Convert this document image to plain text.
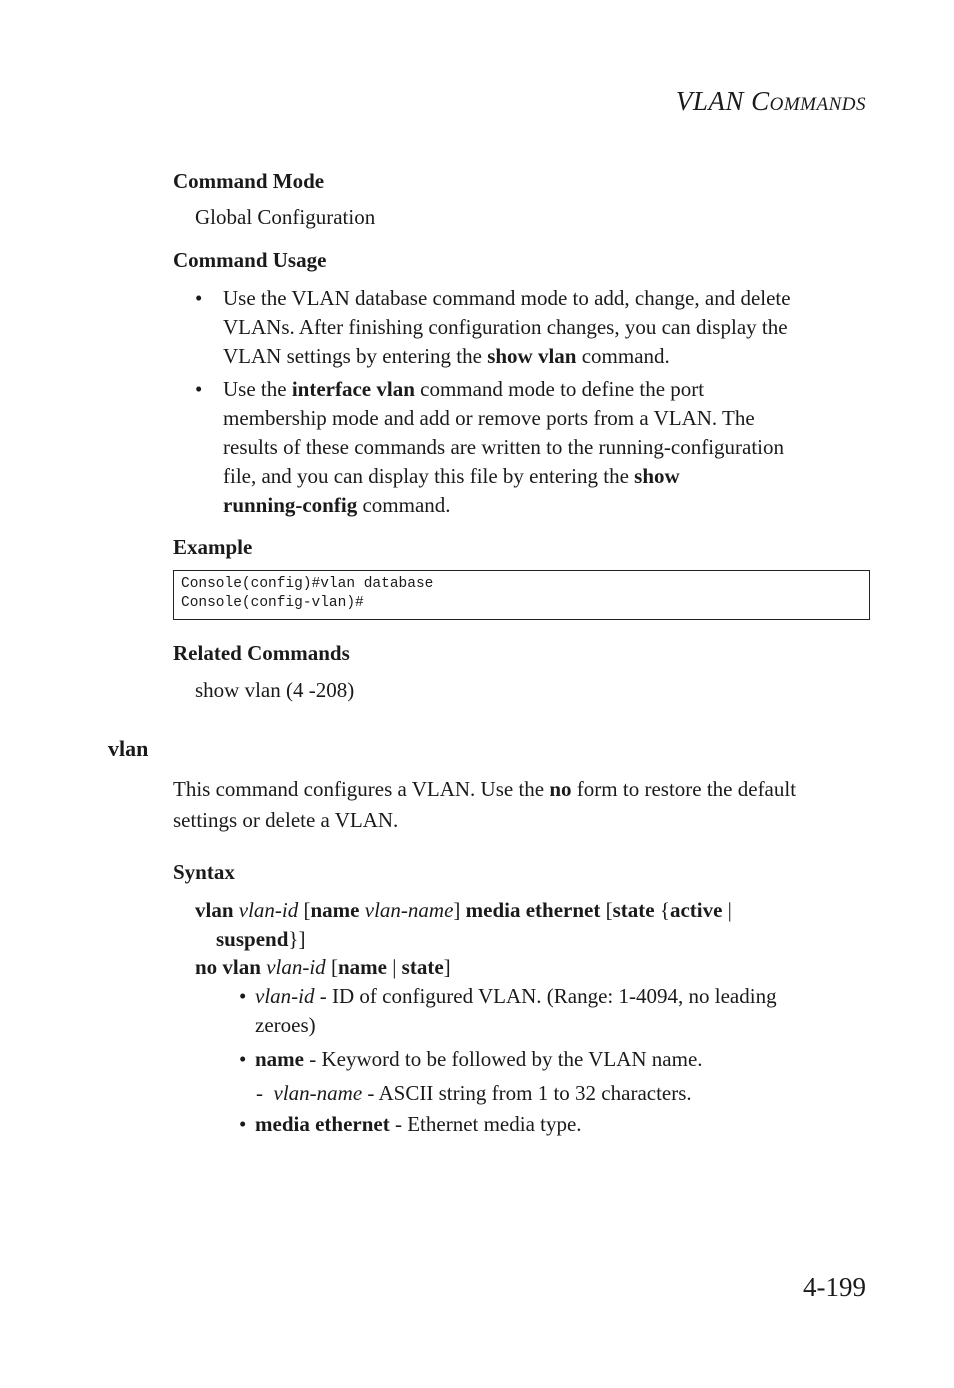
VLAN COMMANDS
Command Mode
Global Configuration
Command Usage
• Use the VLAN database command mode to add, change, and delete
VLANs. After finishing configuration changes, you can display the
VLAN settings by entering the show vlan command.
• Use the interface vlan command mode to define the port
membership mode and add or remove ports from a VLAN. The
results of these commands are written to the running-configuration
file, and you can display this file by entering the show
running-config command.
Example
Console(config)#vlan database
Console(config-vlan)#
Related Commands
show vlan (4 -208)
vlan
This command configures a VLAN. Use the no form to restore the default
settings or delete a VLAN.
Syntax
vlan vlan-id [name vlan-name] media ethernet [state {active |
suspend}]
no vlan vlan-id [name | state]
• vlan-id - ID of configured VLAN. (Range: 1-4094, no leading
zeroes)
• name - Keyword to be followed by the VLAN name.
- vlan-name - ASCII string from 1 to 32 characters.
• media ethernet - Ethernet media type.
4-199
